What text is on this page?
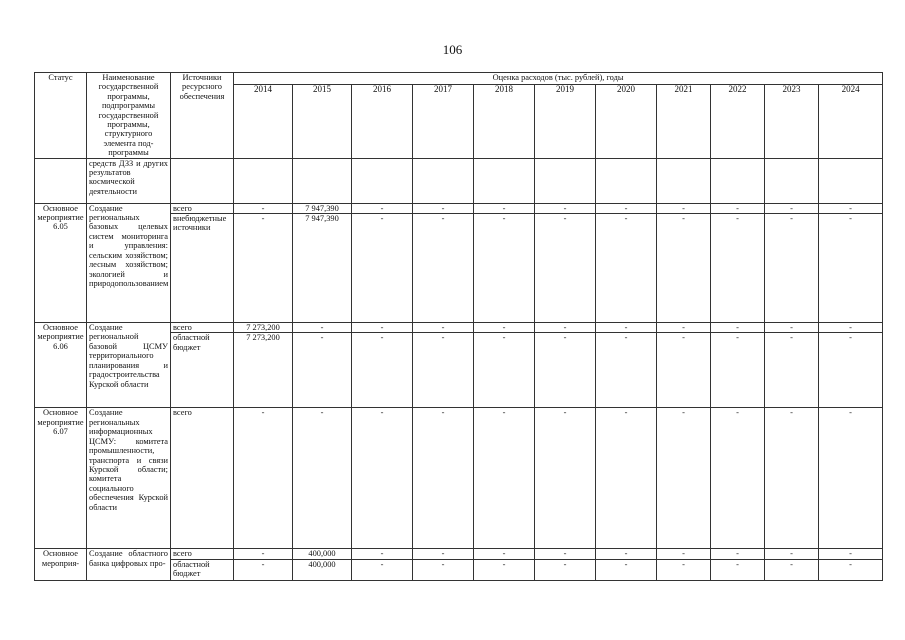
106
Статус	Наименование государственной программы, подпрограммы государственной программы, структурного элемента под-программы	Источники ресурсного обеспечения	Оценка расходов (тыс. рублей), годы										
			2014	2015	2016	2017	2018	2019	2020	2021	2022	2023	2024
	средств ДЗЗ и других результатов космической деятельности												
Основное мероприятие 6.05	Создание региональных базовых целевых систем мониторинга и управления: сельским хозяйством; лесным хозяйством; экологией и природопользованием	всего	-	7 947,390	-	-	-	-	-	-	-	-	-
		внебюджетные источники	-	7 947,390	-	-	-	-	-	-	-	-	-
Основное мероприятие 6.06	Создание региональной базовой ЦСМУ территориального планирования и градостроительства Курской области	всего	7 273,200	-	-	-	-	-	-	-	-	-	-
		областной бюджет	7 273,200	-	-	-	-	-	-	-	-	-	-
Основное мероприятие 6.07	Создание региональных информационных ЦСМУ: комитета промышленности, транспорта и связи Курской области; комитета социального обеспечения Курской области	всего	-	-	-	-	-	-	-	-	-	-	-
Основное мероприя-	Создание областного банка цифровых про-	всего	-	400,000	-	-	-	-	-	-	-	-	-
		областной бюджет	-	400,000	-	-	-	-	-	-	-	-	-
